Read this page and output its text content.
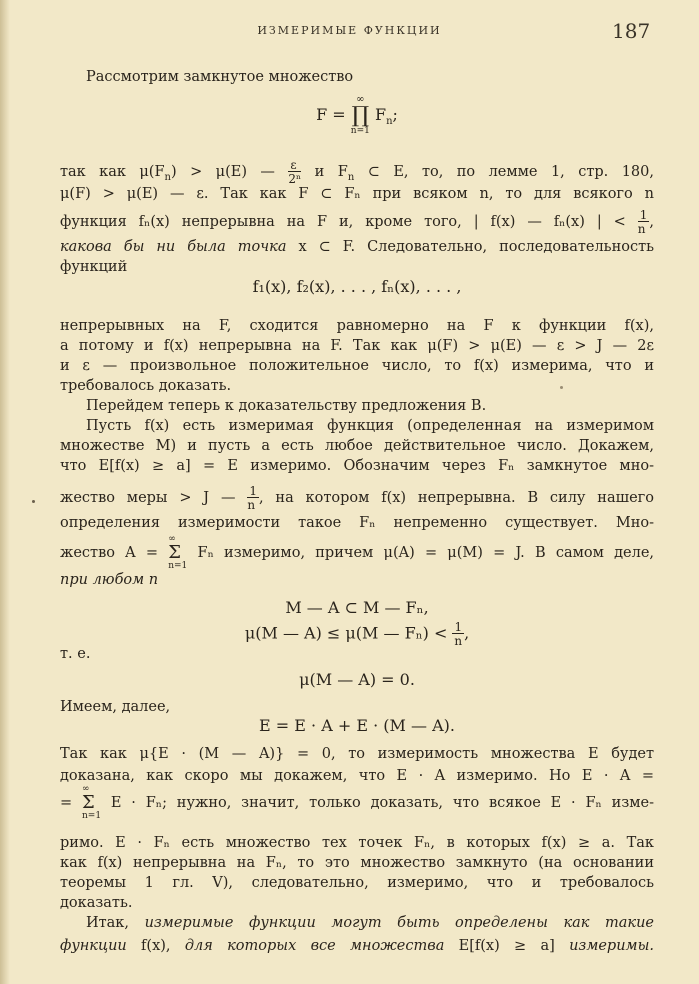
ИЗМЕРИМЫЕ ФУНКЦИИ	187
Рассмотрим замкнутое множество
F =
∞
∏
n=1
$F_n$;
так как $\mu(F_n) > \mu(E)$ — $\frac{\varepsilon}{\text{2ⁿ}}$ и $F_n$ ⊂ E, то, по лемме 1, стр. 180,
μ(F) > μ(E) — ε. Так как F ⊂ Fₙ при всяком n, то для всякого n
функция fₙ(x) непрерывна на F и, кроме того, | f(x) — fₙ(x) | < $\frac{1}{n}$ ,
какова бы ни была точка x ⊂ F. Следовательно, последовательность
функций
f₁(x), f₂(x), . . . , fₙ(x), . . . ,
непрерывных на F, сходится равномерно на F к функции f(x),
а потому и f(x) непрерывна на F. Так как μ(F) > μ(E) — ε > J — 2ε
и ε — произвольное положительное число, то f(x) измерима, что и
требовалось доказать.
Перейдем теперь к доказательству предложения B.
Пусть f(x) есть измеримая функция (определенная на измеримом
множестве M) и пусть a есть любое действительное число. Докажем,
что E[f(x) ≥ a] = E измеримо. Обозначим через Fₙ замкнутое мно-
жество меры > J — $\frac{1}{n}$ , на котором f(x) непрерывна. В силу нашего
определения измеримости такое Fₙ непременно существует. Мно-
жество A =
∞
Σ
n=1
Fₙ измеримо, причем μ(A) = μ(M) = J. В самом деле,
при любом n
M — A ⊂ M — Fₙ,
μ(M — A) ≤ μ(M — $F_n) < \frac{1}{n}$ ,
т. е.
μ(M — A) = 0.
Имеем, далее,
E = E · A + E · (M — A).
Так как μ{E · (M — A)} = 0, то измеримость множества E будет
доказана, как скоро мы докажем, что E · A измеримо. Но E · A =
=
∞
Σ
n=1
E · Fₙ; нужно, значит, только доказать, что всякое E · Fₙ изме-
римо. E · Fₙ есть множество тех точек Fₙ, в которых f(x) ≥ a. Так
как f(x) непрерывна на Fₙ, то это множество замкнуто (на основании
теоремы 1 гл. V), следовательно, измеримо, что и требовалось
доказать.
Итак, измеримые функции могут быть определены как такие
функции f(x), для которых все множества E[f(x) ≥ a] измеримы.
